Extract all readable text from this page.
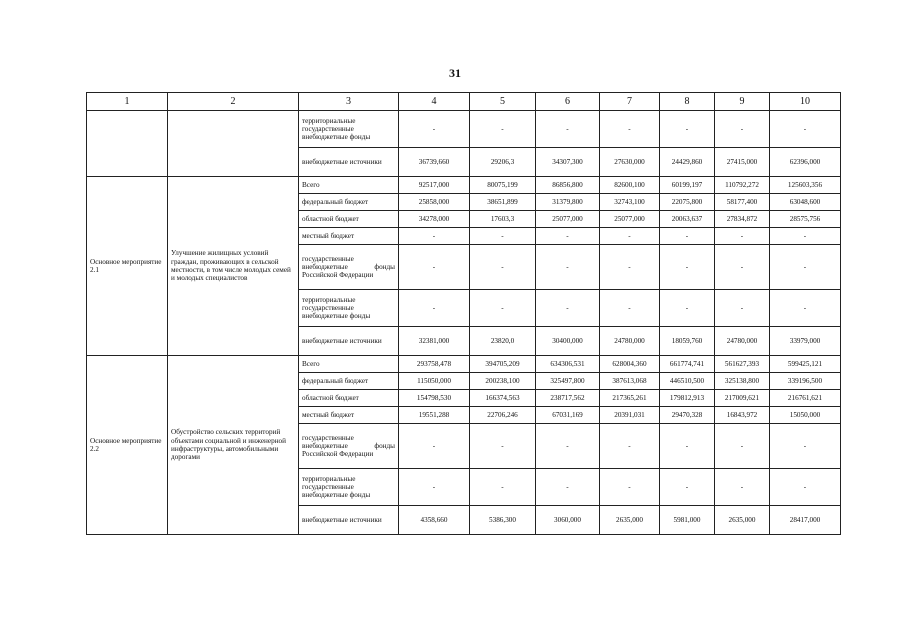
31
1	2	3	4	5	6	7	8	9	10
		территориальные государственные внебюджетные фонды	-	-	-	-	-	-	-
		внебюджетные источники	36739,660	29206,3	34307,300	27630,000	24429,860	27415,000	62396,000
Основное мероприятие 2.1	Улучшение жилищных условий граждан, проживающих в сельской местности, в том числе молодых семей и молодых специалистов	Всего	92517,000	80075,199	86856,800	82600,100	60199,197	110792,272	125603,356
		федеральный бюджет	25858,000	38651,899	31379,800	32743,100	22075,800	58177,400	63048,600
		областной бюджет	34278,000	17603,3	25077,000	25077,000	20063,637	27834,872	28575,756
		местный бюджет	-	-	-	-	-	-	-
		государственные внебюджетные фонды Российской Федерации	-	-	-	-	-	-	-
		территориальные государственные внебюджетные фонды	-	-	-	-	-	-	-
		внебюджетные источники	32381,000	23820,0	30400,000	24780,000	18059,760	24780,000	33979,000
Основное мероприятие 2.2	Обустройство сельских территорий объектами социальной и инженерной инфраструктуры, автомобильными дорогами	Всего	293758,478	394705,209	634306,531	628004,360	661774,741	561627,393	599425,121
		федеральный бюджет	115050,000	200238,100	325497,800	387613,068	446510,500	325138,800	339196,500
		областной бюджет	154798,530	166374,563	238717,562	217365,261	179812,913	217009,621	216761,621
		местный бюджет	19551,288	22706,246	67031,169	20391,031	29470,328	16843,972	15050,000
		государственные внебюджетные фонды Российской Федерации	-	-	-	-	-	-	-
		территориальные государственные внебюджетные фонды	-	-	-	-	-	-	-
		внебюджетные источники	4358,660	5386,300	3060,000	2635,000	5981,000	2635,000	28417,000
